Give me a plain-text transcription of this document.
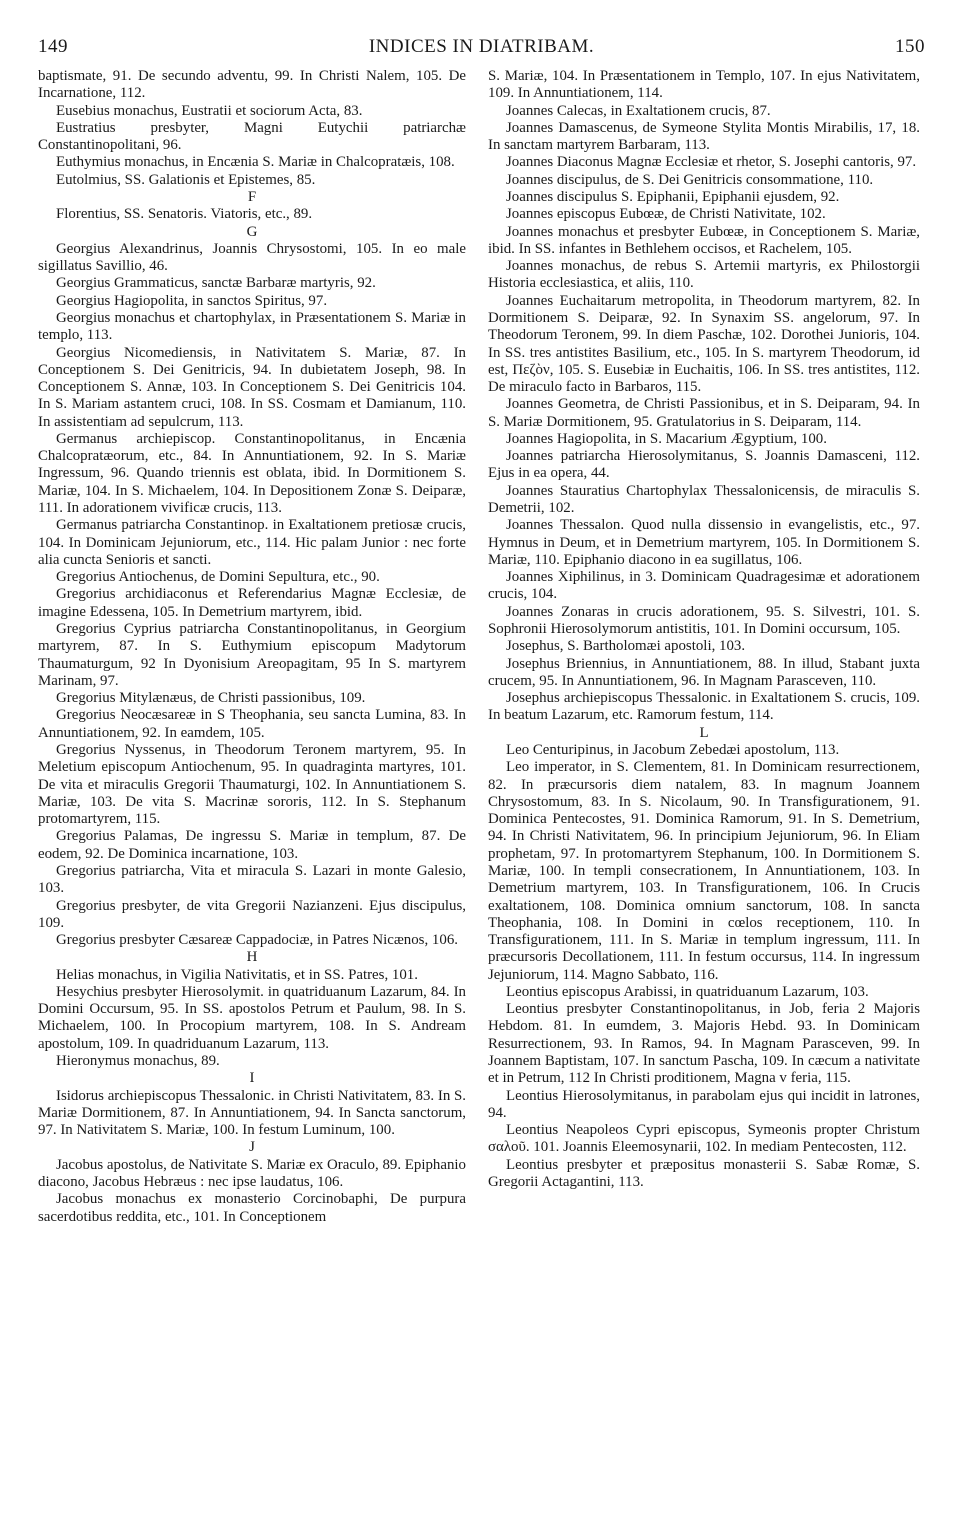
149	INDICES IN DIATRIBAM.	150

baptismate, 91. De secundo adventu, 99. In Christi Nalem, 105. De Incarnatione, 112.

Eusebius monachus, Eustratii et sociorum Acta, 83.

Eustratius presbyter, Magni Eutychii patriarchæ Constantinopolitani, 96.

Euthymius monachus, in Encænia S. Mariæ in Chalcopratæis, 108.

Eutolmius, SS. Galationis et Epistemes, 85.

F

Florentius, SS. Senatoris. Viatoris, etc., 89.

G

Georgius Alexandrinus, Joannis Chrysostomi, 105. In eo male sigillatus Savillio, 46.

Georgius Grammaticus, sanctæ Barbaræ martyris, 92.

Georgius Hagiopolita, in sanctos Spiritus, 97.

Georgius monachus et chartophylax, in Præsentationem S. Mariæ in templo, 113.

Georgius Nicomediensis, in Nativitatem S. Mariæ, 87. In Conceptionem S. Dei Genitricis, 94. In dubietatem Joseph, 98. In Conceptionem S. Annæ, 103. In Conceptionem S. Dei Genitricis 104. In S. Mariam astantem cruci, 108. In SS. Cosmam et Damianum, 110. In assistentiam ad sepulcrum, 113.

Germanus archiepiscop. Constantinopolitanus, in Encænia Chalcopratæorum, etc., 84. In Annuntiationem, 92. In S. Mariæ Ingressum, 96. Quando triennis est oblata, ibid. In Dormitionem S. Mariæ, 104. In S. Michaelem, 104. In Depositionem Zonæ S. Deiparæ, 111. In adorationem vivificæ crucis, 113.

Germanus patriarcha Constantinop. in Exaltationem pretiosæ crucis, 104. In Dominicam Jejuniorum, etc., 114. Hic palam Junior : nec forte alia cuncta Senioris et sancti.

Gregorius Antiochenus, de Domini Sepultura, etc., 90.

Gregorius archidiaconus et Referendarius Magnæ Ecclesiæ, de imagine Edessena, 105. In Demetrium martyrem, ibid.

Gregorius Cyprius patriarcha Constantinopolitanus, in Georgium martyrem, 87. In S. Euthymium episcopum Madytorum Thaumaturgum, 92 In Dyonisium Areopagitam, 95 In S. martyrem Marinam, 97.

Gregorius Mitylænæus, de Christi passionibus, 109.

Gregorius Neocæsareæ in S Theophania, seu sancta Lumina, 83. In Annuntiationem, 92. In eamdem, 105.

Gregorius Nyssenus, in Theodorum Teronem martyrem, 95. In Meletium episcopum Antiochenum, 95. In quadraginta martyres, 101. De vita et miraculis Gregorii Thaumaturgi, 102. In Annuntiationem S. Mariæ, 103. De vita S. Macrinæ sororis, 112. In S. Stephanum protomartyrem, 115.

Gregorius Palamas, De ingressu S. Mariæ in templum, 87. De eodem, 92. De Dominica incarnatione, 103.

Gregorius patriarcha, Vita et miracula S. Lazari in monte Galesio, 103.

Gregorius presbyter, de vita Gregorii Nazianzeni. Ejus discipulus, 109.

Gregorius presbyter Cæsareæ Cappadociæ, in Patres Nicænos, 106.

H

Helias monachus, in Vigilia Nativitatis, et in SS. Patres, 101.

Hesychius presbyter Hierosolymit. in quatriduanum Lazarum, 84. In Domini Occursum, 95. In SS. apostolos Petrum et Paulum, 98. In S. Michaelem, 100. In Procopium martyrem, 108. In S. Andream apostolum, 109. In quadriduanum Lazarum, 113.

Hieronymus monachus, 89.

I

Isidorus archiepiscopus Thessalonic. in Christi Nativitatem, 83. In S. Mariæ Dormitionem, 87. In Annuntiationem, 94. In Sancta sanctorum, 97. In Nativitatem S. Mariæ, 100. In festum Luminum, 100.

J

Jacobus apostolus, de Nativitate S. Mariæ ex Oraculo, 89. Epiphanio diacono, Jacobus Hebræus : nec ipse laudatus, 106.

Jacobus monachus ex monasterio Corcinobaphi, De purpura sacerdotibus reddita, etc., 101. In Conceptionem

S. Mariæ, 104. In Præsentationem in Templo, 107. In ejus Nativitatem, 109. In Annuntiationem, 114.

Joannes Calecas, in Exaltationem crucis, 87.

Joannes Damascenus, de Symeone Stylita Montis Mirabilis, 17, 18. In sanctam martyrem Barbaram, 113.

Joannes Diaconus Magnæ Ecclesiæ et rhetor, S. Josephi cantoris, 97.

Joannes discipulus, de S. Dei Genitricis consommatione, 110.

Joannes discipulus S. Epiphanii, Epiphanii ejusdem, 92.

Joannes episcopus Eubœæ, de Christi Nativitate, 102.

Joannes monachus et presbyter Eubœæ, in Conceptionem S. Mariæ, ibid. In SS. infantes in Bethlehem occisos, et Rachelem, 105.

Joannes monachus, de rebus S. Artemii martyris, ex Philostorgii Historia ecclesiastica, et aliis, 110.

Joannes Euchaitarum metropolita, in Theodorum martyrem, 82. In Dormitionem S. Deiparæ, 92. In Synaxim SS. angelorum, 97. In Theodorum Teronem, 99. In diem Paschæ, 102. Dorothei Junioris, 104. In SS. tres antistites Basilium, etc., 105. In S. martyrem Theodorum, id est, Πεζὸν, 105. S. Eusebiæ in Euchaitis, 106. In SS. tres antistites, 112. De miraculo facto in Barbaros, 115.

Joannes Geometra, de Christi Passionibus, et in S. Deiparam, 94. In S. Mariæ Dormitionem, 95. Gratulatorius in S. Deiparam, 114.

Joannes Hagiopolita, in S. Macarium Ægyptium, 100.

Joannes patriarcha Hierosolymitanus, S. Joannis Damasceni, 112. Ejus in ea opera, 44.

Joannes Stauratius Chartophylax Thessalonicensis, de miraculis S. Demetrii, 102.

Joannes Thessalon. Quod nulla dissensio in evangelistis, etc., 97. Hymnus in Deum, et in Demetrium martyrem, 105. In Dormitionem S. Mariæ, 110. Epiphanio diacono in ea sugillatus, 106.

Joannes Xiphilinus, in 3. Dominicam Quadragesimæ et adorationem crucis, 104.

Joannes Zonaras in crucis adorationem, 95. S. Silvestri, 101. S. Sophronii Hierosolymorum antistitis, 101. In Domini occursum, 105.

Josephus, S. Bartholomæi apostoli, 103.

Josephus Briennius, in Annuntiationem, 88. In illud, Stabant juxta crucem, 95. In Annuntiationem, 96. In Magnam Parasceven, 110.

Josephus archiepiscopus Thessalonic. in Exaltationem S. crucis, 109. In beatum Lazarum, etc. Ramorum festum, 114.

L

Leo Centuripinus, in Jacobum Zebedæi apostolum, 113.

Leo imperator, in S. Clementem, 81. In Dominicam resurrectionem, 82. In præcursoris diem natalem, 83. In magnum Joannem Chrysostomum, 83. In S. Nicolaum, 90. In Transfigurationem, 91. Dominica Pentecostes, 91. Dominica Ramorum, 91. In S. Demetrium, 94. In Christi Nativitatem, 96. In principium Jejuniorum, 96. In Eliam prophetam, 97. In protomartyrem Stephanum, 100. In Dormitionem S. Mariæ, 100. In templi consecrationem, In Annuntiationem, 103. In Demetrium martyrem, 103. In Transfigurationem, 106. In Crucis exaltationem, 108. Dominica omnium sanctorum, 108. In sancta Theophania, 108. In Domini in cœlos receptionem, 110. In Transfigurationem, 111. In S. Mariæ in templum ingressum, 111. In præcursoris Decollationem, 111. In festum occursus, 114. In ingressum Jejuniorum, 114. Magno Sabbato, 116.

Leontius episcopus Arabissi, in quatriduanum Lazarum, 103.

Leontius presbyter Constantinopolitanus, in Job, feria 2 Majoris Hebdom. 81. In eumdem, 3. Majoris Hebd. 93. In Dominicam Resurrectionem, 93. In Ramos, 94. In Magnam Parasceven, 99. In Joannem Baptistam, 107. In sanctum Pascha, 109. In cæcum a nativitate et in Petrum, 112 In Christi proditionem, Magna v feria, 115.

Leontius Hierosolymitanus, in parabolam ejus qui incidit in latrones, 94.

Leontius Neapoleos Cypri episcopus, Symeonis propter Christum σαλοῦ. 101. Joannis Eleemosynarii, 102. In mediam Pentecosten, 112.

Leontius presbyter et præpositus monasterii S. Sabæ Romæ, S. Gregorii Actagantini, 113.
